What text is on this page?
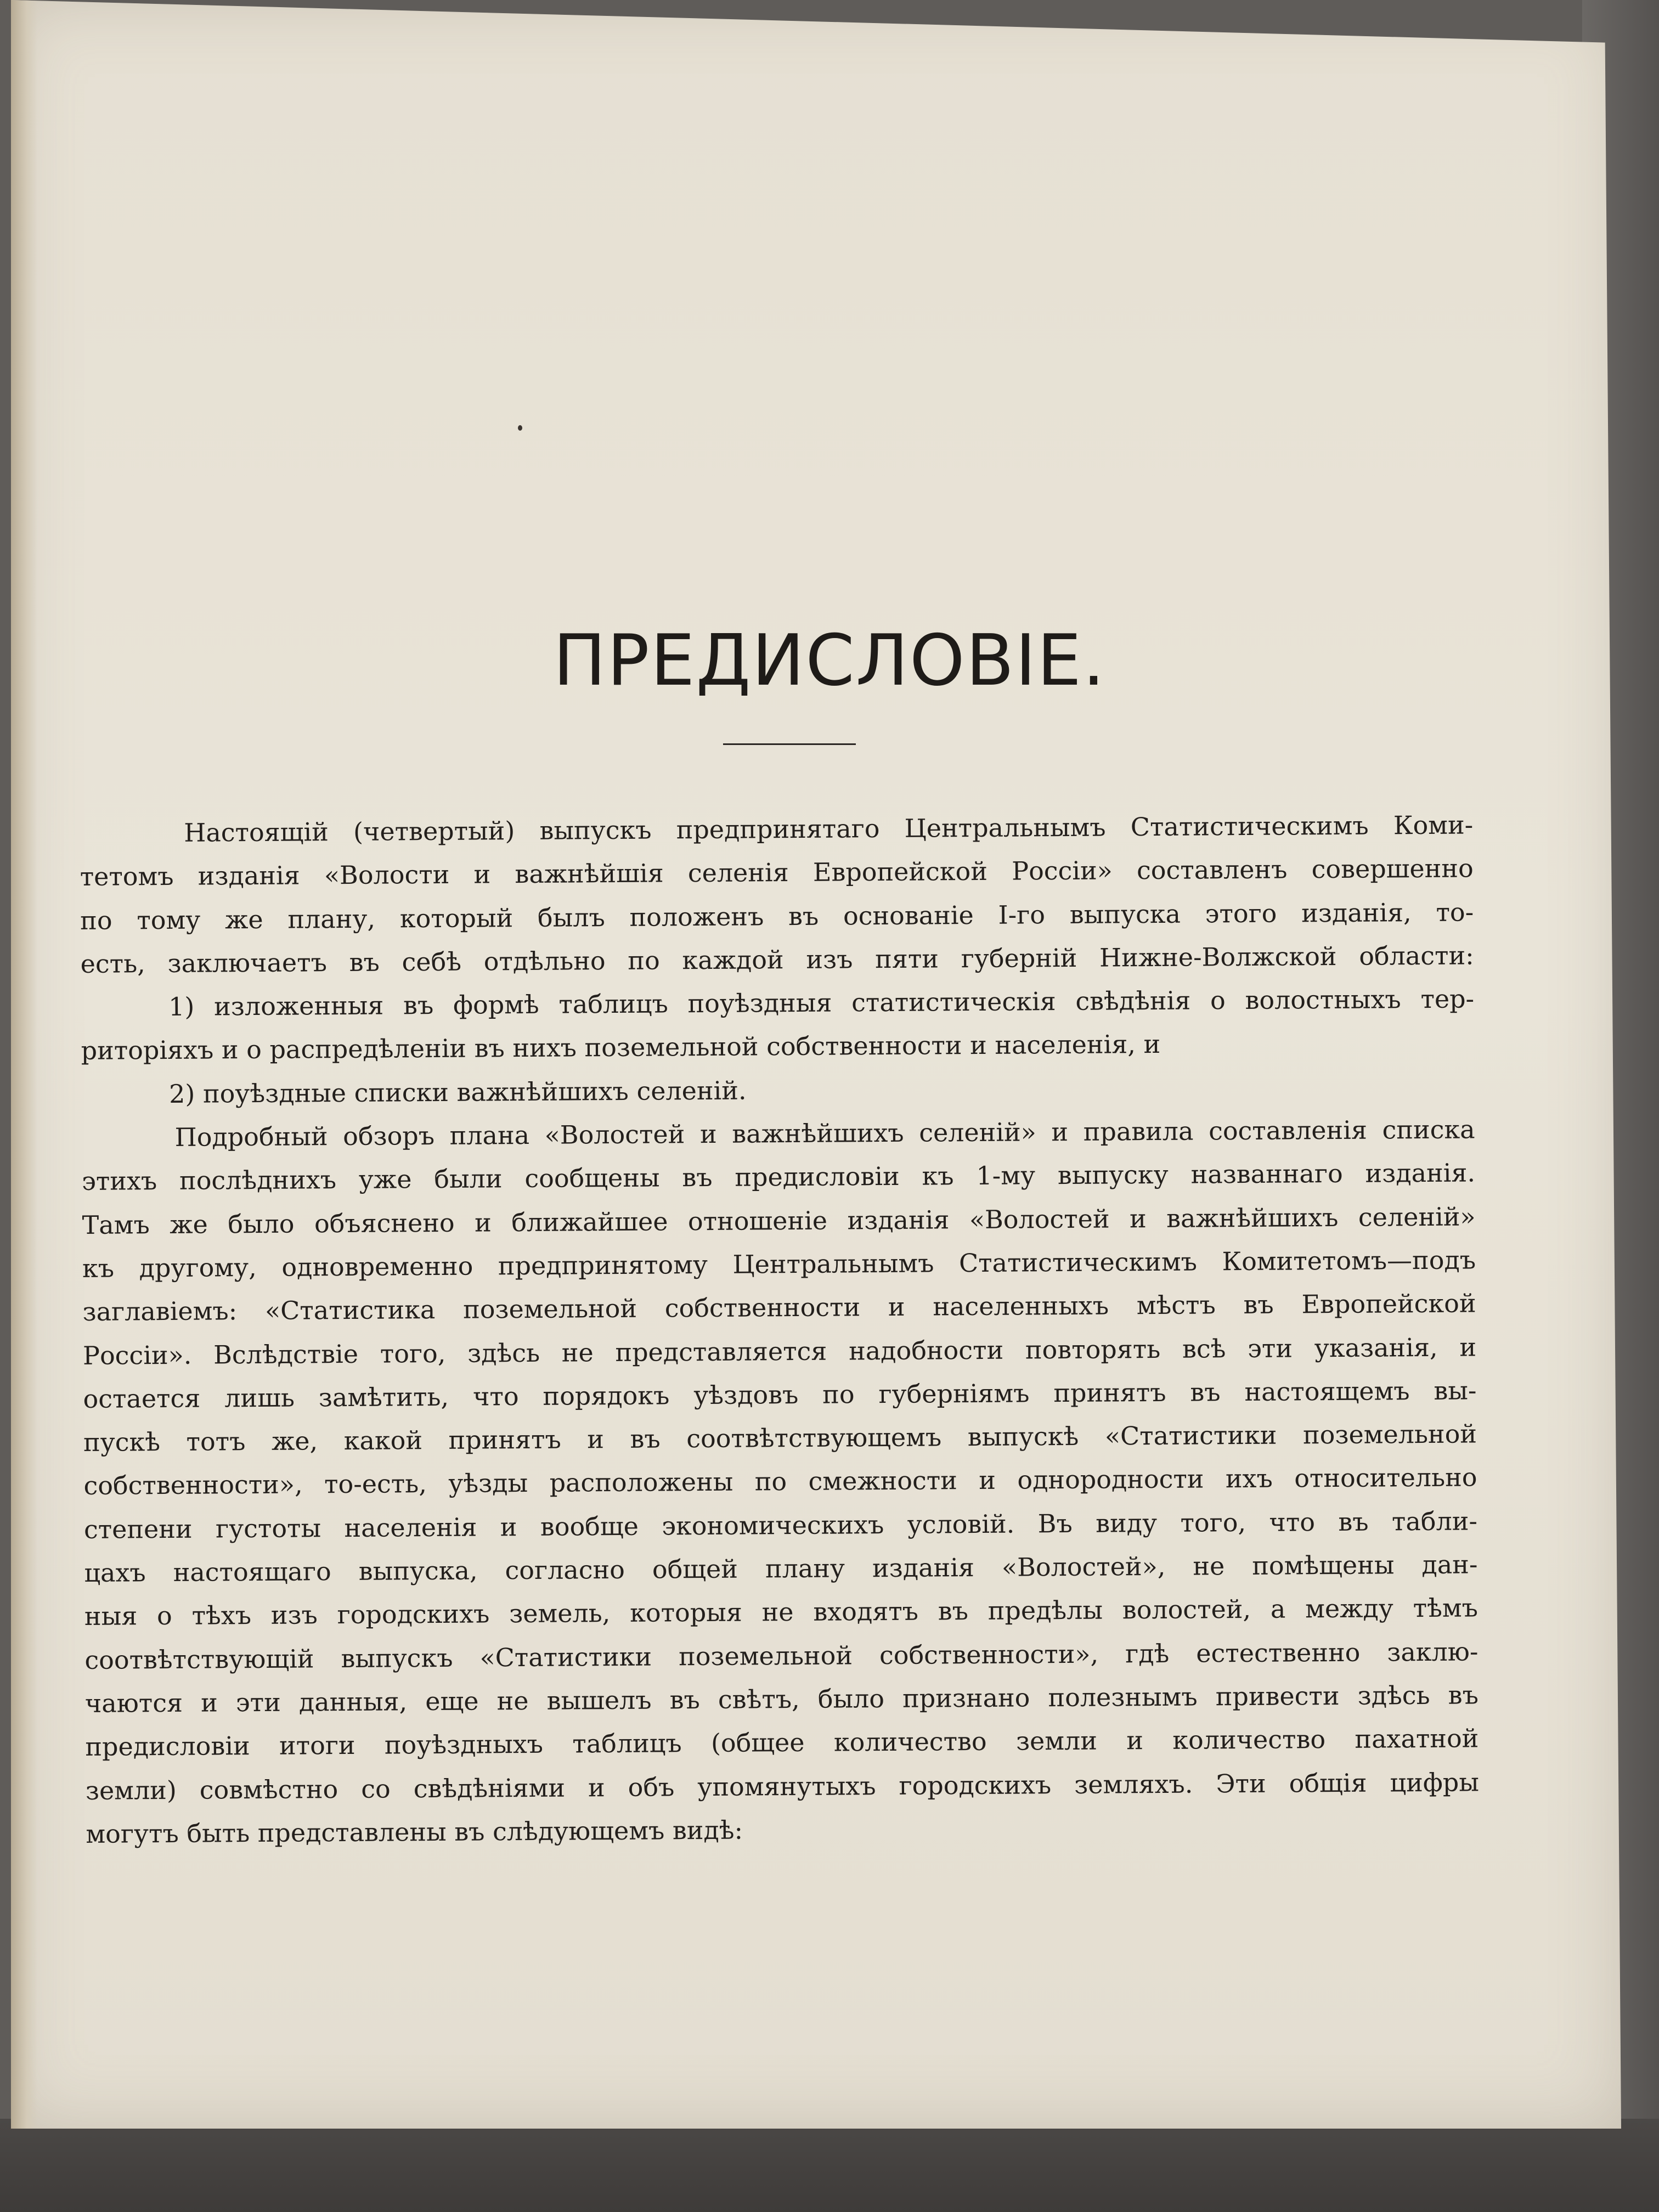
ПРЕДИСЛОВІЕ.
Настоящій (четвертый) выпускъ предпринятаго Центральнымъ Статистическимъ Коми-
тетомъ изданія «Волости и важнѣйшія селенія Европейской Россіи» составленъ совершенно
по тому же плану, который былъ положенъ въ основаніе I-го выпуска этого изданія, то-
есть, заключаетъ въ себѣ отдѣльно по каждой изъ пяти губерній Нижне-Волжской области:
1) изложенныя въ формѣ таблицъ поуѣздныя статистическія свѣдѣнія о волостныхъ тер-
риторіяхъ и о распредѣленіи въ нихъ поземельной собственности и населенія, и
2) поуѣздные списки важнѣйшихъ селеній.
Подробный обзоръ плана «Волостей и важнѣйшихъ селеній» и правила составленія списка
этихъ послѣднихъ уже были сообщены въ предисловіи къ 1-му выпуску названнаго изданія.
Тамъ же было объяснено и ближайшее отношеніе изданія «Волостей и важнѣйшихъ селеній»
къ другому, одновременно предпринятому Центральнымъ Статистическимъ Комитетомъ—подъ
заглавіемъ: «Статистика поземельной собственности и населенныхъ мѣстъ въ Европейской
Россіи». Вслѣдствіе того, здѣсь не представляется надобности повторять всѣ эти указанія, и
остается лишь замѣтить, что порядокъ уѣздовъ по губерніямъ принятъ въ настоящемъ вы-
пускѣ тотъ же, какой принятъ и въ соотвѣтствующемъ выпускѣ «Статистики поземельной
собственности», то-есть, уѣзды расположены по смежности и однородности ихъ относительно
степени густоты населенія и вообще экономическихъ условій. Въ виду того, что въ табли-
цахъ настоящаго выпуска, согласно общей плану изданія «Волостей», не помѣщены дан-
ныя о тѣхъ изъ городскихъ земель, которыя не входятъ въ предѣлы волостей, а между тѣмъ
соотвѣтствующій выпускъ «Статистики поземельной собственности», гдѣ естественно заклю-
чаются и эти данныя, еще не вышелъ въ свѣтъ, было признано полезнымъ привести здѣсь въ
предисловіи итоги поуѣздныхъ таблицъ (общее количество земли и количество пахатной
земли) совмѣстно со свѣдѣніями и объ упомянутыхъ городскихъ земляхъ. Эти общія цифры
могутъ быть представлены въ слѣдующемъ видѣ:
